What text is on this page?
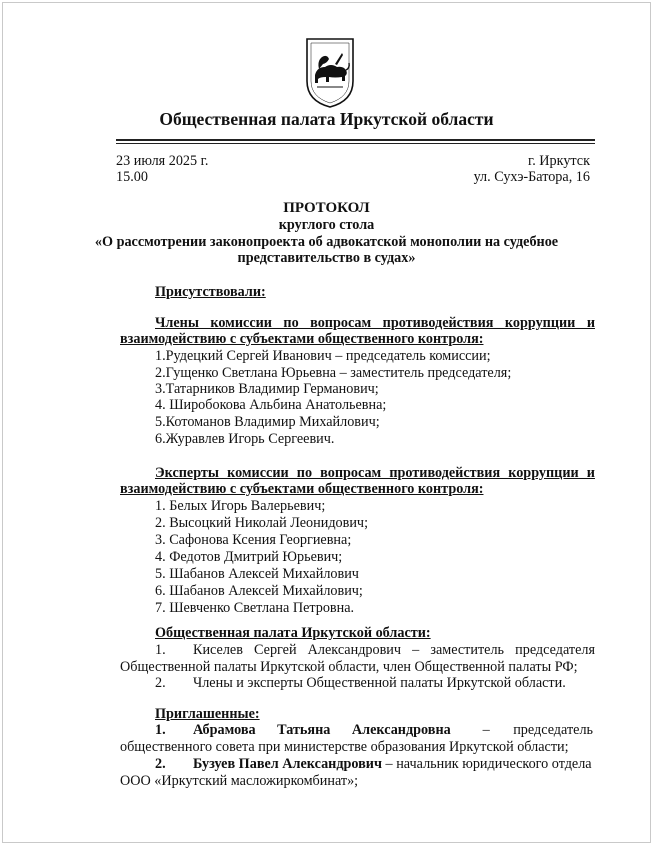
Общественная палата Иркутской области
23 июля 2025 г.
15.00
г. Иркутск
ул. Сухэ-Батора, 16
ПРОТОКОЛ
круглого стола
«О рассмотрении законопроекта об адвокатской монополии на судебное
представительство в судах»
Присутствовали:
Члены комиссии по вопросам противодействия коррупции и
взаимодействию с субъектами общественного контроля:
1.Рудецкий Сергей Иванович – председатель комиссии;
2.Гущенко Светлана Юрьевна – заместитель председателя;
3.Татарников Владимир Германович;
4. Широбокова Альбина Анатольевна;
5.Котоманов Владимир Михайлович;
6.Журавлев Игорь Сергеевич.
Эксперты комиссии по вопросам противодействия коррупции и
взаимодействию с субъектами общественного контроля:
1. Белых Игорь Валерьевич;
2. Высоцкий Николай Леонидович;
3. Сафонова Ксения Георгиевна;
4. Федотов Дмитрий Юрьевич;
5. Шабанов Алексей Михайлович
6. Шабанов Алексей Михайлович;
7. Шевченко Светлана Петровна.
Общественная палата Иркутской области:
1. Киселев Сергей Александрович – заместитель председателя
Общественной палаты Иркутской области, член Общественной палаты РФ;
2. Члены и эксперты Общественной палаты Иркутской области.
Приглашенные:
1. Абрамова Татьяна Александровна – председатель
общественного совета при министерстве образования Иркутской области;
2. Бузуев Павел Александрович – начальник юридического отдела
ООО «Иркутский масложиркомбинат»;
